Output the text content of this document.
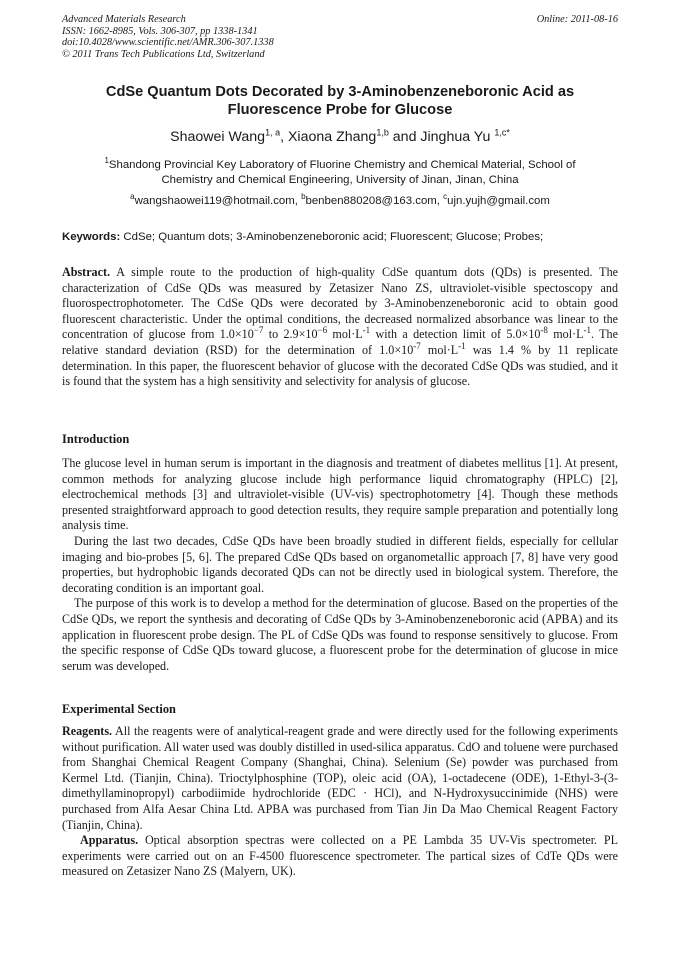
Advanced Materials Research
ISSN: 1662-8985, Vols. 306-307, pp 1338-1341
doi:10.4028/www.scientific.net/AMR.306-307.1338
© 2011 Trans Tech Publications Ltd, Switzerland
Online: 2011-08-16
CdSe Quantum Dots Decorated by 3-Aminobenzeneboronic Acid as
Fluorescence Probe for Glucose
Shaowei Wang$^{1, a}$, Xiaona Zhang$^{1,b}$ and Jinghua Yu $^{1,c*}$
$^1$Shandong Provincial Key Laboratory of Fluorine Chemistry and Chemical Material, School of
Chemistry and Chemical Engineering, University of Jinan, Jinan, China
$^a$wangshaowei119@hotmail.com, $^b$benben880208@163.com, $^c$ujn.yujh@gmail.com
Keywords: CdSe; Quantum dots; 3-Aminobenzeneboronic acid; Fluorescent; Glucose; Probes;
Abstract. A simple route to the production of high-quality CdSe quantum dots (QDs) is presented. The characterization of CdSe QDs was measured by Zetasizer Nano ZS, ultraviolet-visible spectoscopy and fluorospectrophotometer. The CdSe QDs were decorated by 3-Aminobenzeneboronic acid to obtain good fluorescent characteristic. Under the optimal conditions, the decreased normalized absorbance was linear to the concentration of glucose from $1.0\times 10^{-7}$ to $2.9\times 10^{-6}$ $mol\cdot L^{-1}$ with a detection limit of $5.0\times 10^{-8}$ $mol\cdot L^{-1}$. The relative standard deviation (RSD) for the determination of $1.0\times 10^{-7}$ $mol\cdot L^{-1}$ was 1.4 % by 11 replicate determination. In this paper, the fluorescent behavior of glucose with the decorated CdSe QDs was studied, and it is found that the system has a high sensitivity and selectivity for analysis of glucose.
Introduction

The glucose level in human serum is important in the diagnosis and treatment of diabetes mellitus [1]. At present, common methods for analyzing glucose include high performance liquid chromatography (HPLC) [2], electrochemical methods [3] and ultraviolet-visible (UV-vis) spectrophotometry [4]. Though these methods presented straightforward approach to good detection results, they require sample preparation and potentially long analysis time.

During the last two decades, CdSe QDs have been broadly studied in different fields, especially for cellular imaging and bio-probes [5, 6]. The prepared CdSe QDs based on organometallic approach [7, 8] have very good properties, but hydrophobic ligands decorated QDs can not be directly used in biological system. Therefore, the decorating condition is an important goal.

The purpose of this work is to develop a method for the determination of glucose. Based on the properties of the CdSe QDs, we report the synthesis and decorating of CdSe QDs by 3-Aminobenzeneboronic acid (APBA) and its application in fluorescent probe design. The PL of CdSe QDs was found to response sensitively to glucose. From the specific response of CdSe QDs toward glucose, a fluorescent probe for the determination of glucose in mice serum was developed.

Experimental Section

Reagents. All the reagents were of analytical-reagent grade and were directly used for the following experiments without purification. All water used was doubly distilled in used-silica apparatus. CdO and toluene were purchased from Shanghai Chemical Reagent Company (Shanghai, China). Selenium (Se) powder was purchased from Kermel Ltd. (Tianjin, China). Trioctylphosphine (TOP), oleic acid (OA), 1-octadecene (ODE), 1-Ethyl-3-(3-dimethyllaminopropyl) carbodiimide hydrochloride (EDC · HCl), and N-Hydroxysuccinimide (NHS) were purchased from Alfa Aesar China Ltd. APBA was purchased from Tian Jin Da Mao Chemical Reagent Factory (Tianjin, China).

Apparatus. Optical absorption spectras were collected on a PE Lambda 35 UV-Vis spectrometer. PL experiments were carried out on an F-4500 fluorescence spectrometer. The partical sizes of CdTe QDs were measured on Zetasizer Nano ZS (Malyern, UK).
